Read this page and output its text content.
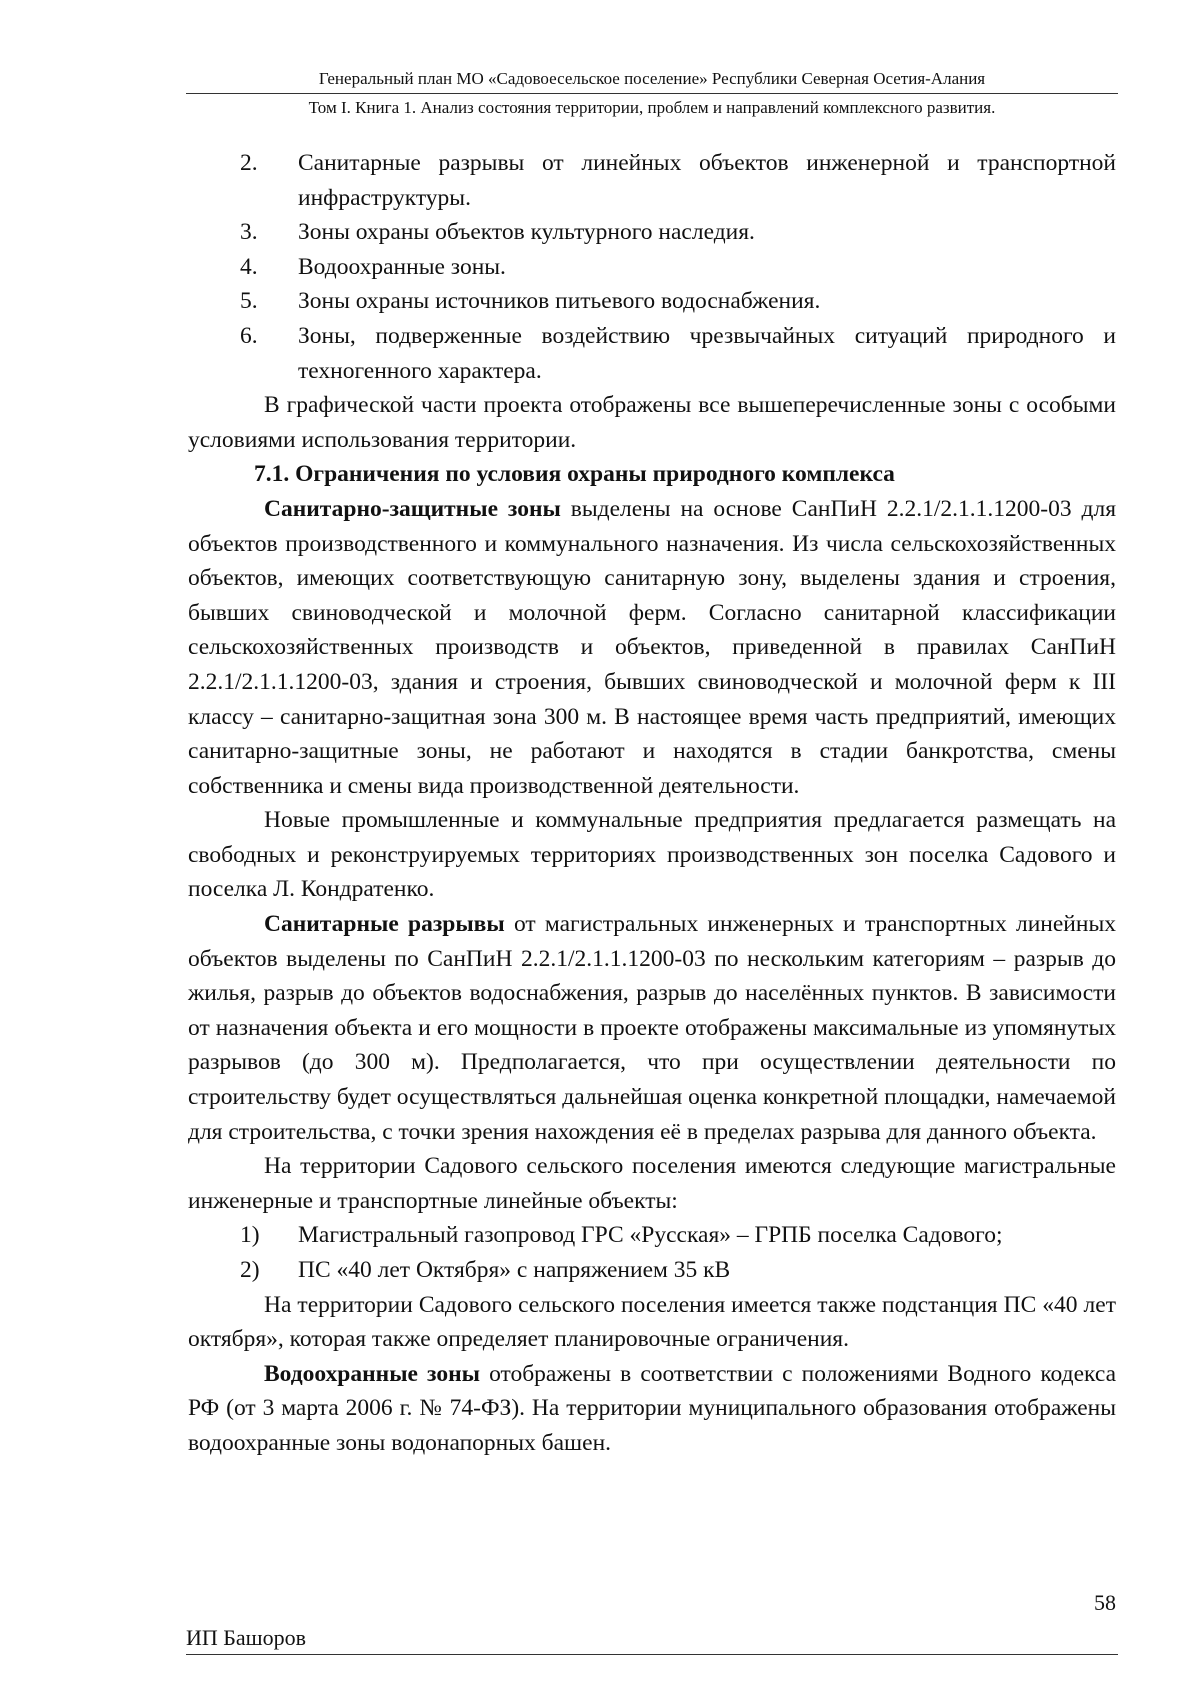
Генеральный план МО «Садовоесельское поселение» Республики Северная Осетия-Алания
Том I. Книга 1. Анализ состояния территории, проблем и направлений комплексного развития.
2.	Санитарные разрывы от линейных объектов инженерной и транспортной инфраструктуры.
3.	Зоны охраны объектов культурного наследия.
4.	Водоохранные зоны.
5.	Зоны охраны источников питьевого водоснабжения.
6.	Зоны, подверженные воздействию чрезвычайных ситуаций природного и техногенного характера.

В графической части проекта отображены все вышеперечисленные зоны с особыми условиями использования территории.

7.1. Ограничения по условия охраны природного комплекса

Санитарно-защитные зоны выделены на основе СанПиН 2.2.1/2.1.1.1200-03 для объектов производственного и коммунального назначения. Из числа сельскохозяйственных объектов, имеющих соответствующую санитарную зону, выделены здания и строения, бывших свиноводческой и молочной ферм. Согласно санитарной классификации сельскохозяйственных производств и объектов, приведенной в правилах СанПиН 2.2.1/2.1.1.1200-03, здания и строения, бывших свиноводческой и молочной ферм к III классу – санитарно-защитная зона 300 м. В настоящее время часть предприятий, имеющих санитарно-защитные зоны, не работают и находятся в стадии банкротства, смены собственника и смены вида производственной деятельности.

Новые промышленные и коммунальные предприятия предлагается размещать на свободных и реконструируемых территориях производственных зон поселка Садового и поселка Л. Кондратенко.

Санитарные разрывы от магистральных инженерных и транспортных линейных объектов выделены по СанПиН 2.2.1/2.1.1.1200-03 по нескольким категориям – разрыв до жилья, разрыв до объектов водоснабжения, разрыв до населённых пунктов. В зависимости от назначения объекта и его мощности в проекте отображены максимальные из упомянутых разрывов (до 300 м). Предполагается, что при осуществлении деятельности по строительству будет осуществляться дальнейшая оценка конкретной площадки, намечаемой для строительства, с точки зрения нахождения её в пределах разрыва для данного объекта.

На территории Садового сельского поселения имеются следующие магистральные инженерные и транспортные линейные объекты:

1)	Магистральный газопровод ГРС «Русская» – ГРПБ поселка Садового;
2)	ПС «40 лет Октября» с напряжением 35 кВ

На территории Садового сельского поселения имеется также подстанция ПС «40 лет октября», которая также определяет планировочные ограничения.

Водоохранные зоны отображены в соответствии с положениями Водного кодекса РФ (от 3 марта 2006 г. № 74-ФЗ). На территории муниципального образования отображены водоохранные зоны водонапорных башен.

58
ИП Башоров
